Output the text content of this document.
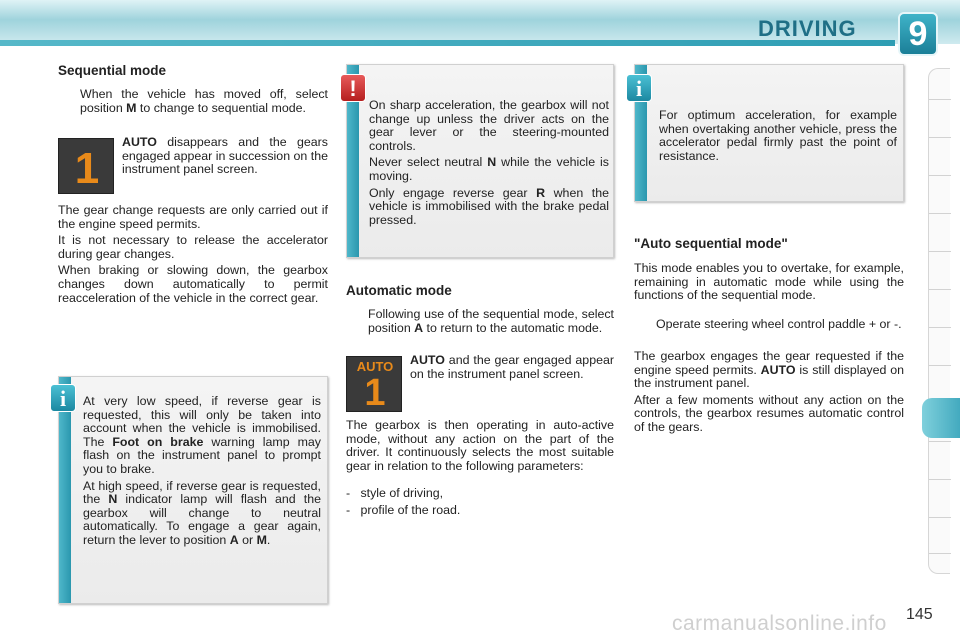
DRIVING	9
Sequential mode
When the vehicle has moved off, select position M to change to sequential mode.
1
AUTO disappears and the gears engaged appear in succession on the instrument panel screen.

The gear change requests are only carried out if the engine speed permits.

It is not necessary to release the accelerator during gear changes.

When braking or slowing down, the gearbox changes down automatically to permit reacceleration of the vehicle in the correct gear.

At very low speed, if reverse gear is requested, this will only be taken into account when the vehicle is immobilised. The Foot on brake warning lamp may flash on the instrument panel to prompt you to brake.

At high speed, if reverse gear is requested, the N indicator lamp will flash and the gearbox will change to neutral automatically. To engage a gear again, return the lever to position A or M.

i

On sharp acceleration, the gearbox will not change up unless the driver acts on the gear lever or the steering-mounted controls.

Never select neutral N while the vehicle is moving.

Only engage reverse gear R when the vehicle is immobilised with the brake pedal pressed.

!
Automatic mode
Following use of the sequential mode, select position A to return to the automatic mode.
AUTO
1
AUTO and the gear engaged appear on the instrument panel screen.
The gearbox is then operating in auto-active mode, without any action on the part of the driver. It continuously selects the most suitable gear in relation to the following parameters:

-   style of driving,

-   profile of the road.

For optimum acceleration, for example when overtaking another vehicle, press the accelerator pedal firmly past the point of resistance.
i
"Auto sequential mode"
This mode enables you to overtake, for example, remaining in automatic mode while using the functions of the sequential mode.
Operate steering wheel control paddle + or -.

The gearbox engages the gear requested if the engine speed permits. AUTO is still displayed on the instrument panel.

After a few moments without any action on the controls, the gearbox resumes automatic control of the gears.

carmanualsonline.info 145
